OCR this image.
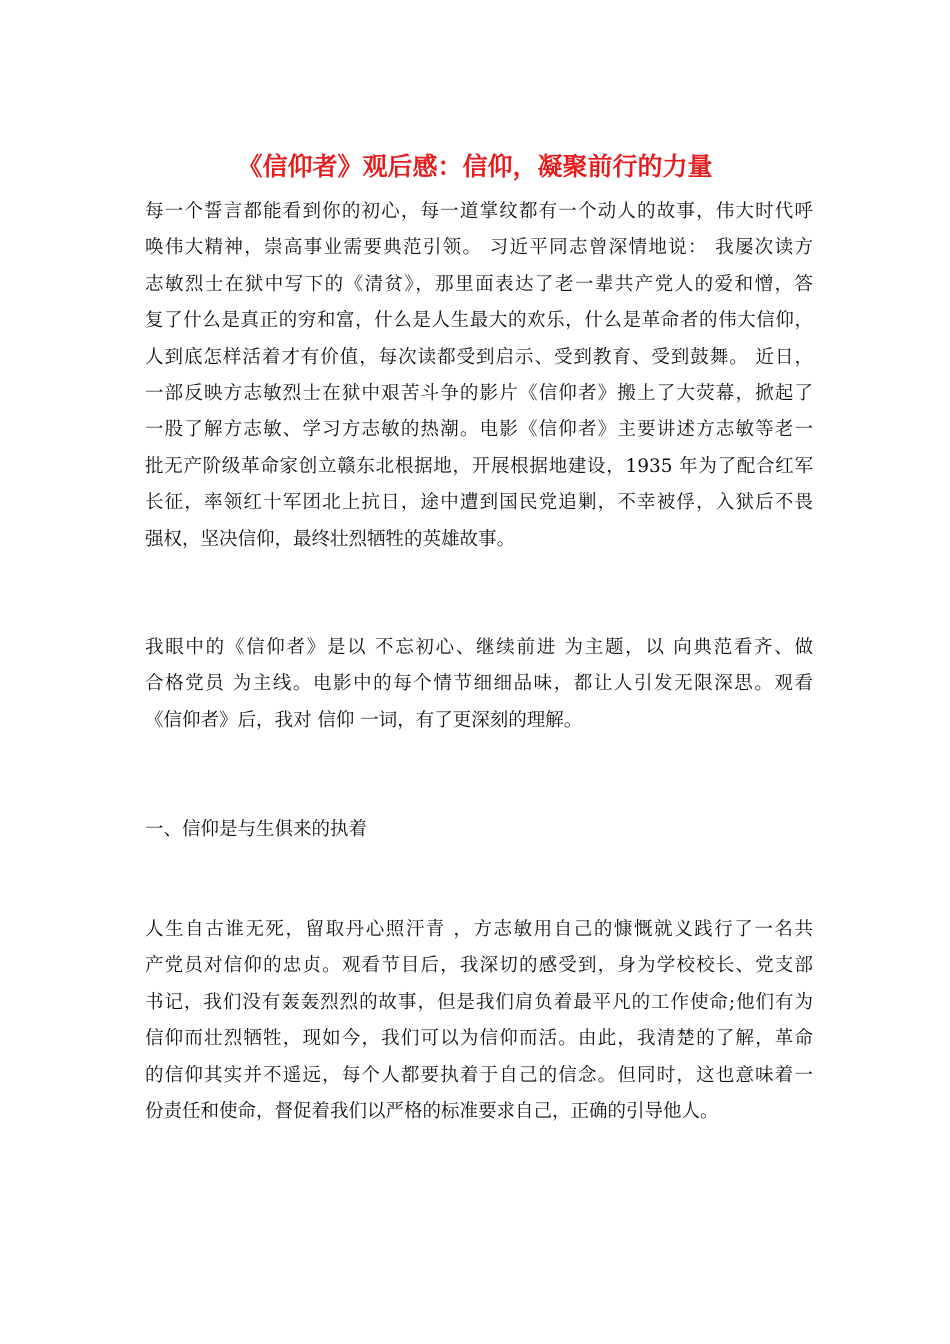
《信仰者》观后感：信仰，凝聚前行的力量
每一个誓言都能看到你的初心，每一道掌纹都有一个动人的故事，伟大时代呼
唤伟大精神，崇高事业需要典范引领。 习近平同志曾深情地说： 我屡次读方
志敏烈士在狱中写下的《清贫》，那里面表达了老一辈共产党人的爱和憎，答
复了什么是真正的穷和富，什么是人生最大的欢乐，什么是革命者的伟大信仰，
人到底怎样活着才有价值，每次读都受到启示、受到教育、受到鼓舞。 近日，
一部反映方志敏烈士在狱中艰苦斗争的影片《信仰者》搬上了大荧幕，掀起了
一股了解方志敏、学习方志敏的热潮。电影《信仰者》主要讲述方志敏等老一
批无产阶级革命家创立赣东北根据地，开展根据地建设，1935 年为了配合红军
长征，率领红十军团北上抗日，途中遭到国民党追剿，不幸被俘，入狱后不畏
强权，坚决信仰，最终壮烈牺牲的英雄故事。
我眼中的《信仰者》是以 不忘初心、继续前进 为主题，以 向典范看齐、做
合格党员 为主线。电影中的每个情节细细品味，都让人引发无限深思。观看
《信仰者》后，我对 信仰 一词，有了更深刻的理解。
一、信仰是与生俱来的执着
人生自古谁无死，留取丹心照汗青 ，方志敏用自己的慷慨就义践行了一名共
产党员对信仰的忠贞。观看节目后，我深切的感受到，身为学校校长、党支部
书记，我们没有轰轰烈烈的故事，但是我们肩负着最平凡的工作使命;他们有为
信仰而壮烈牺牲，现如今，我们可以为信仰而活。由此，我清楚的了解，革命
的信仰其实并不遥远，每个人都要执着于自己的信念。但同时，这也意味着一
份责任和使命，督促着我们以严格的标准要求自己，正确的引导他人。
